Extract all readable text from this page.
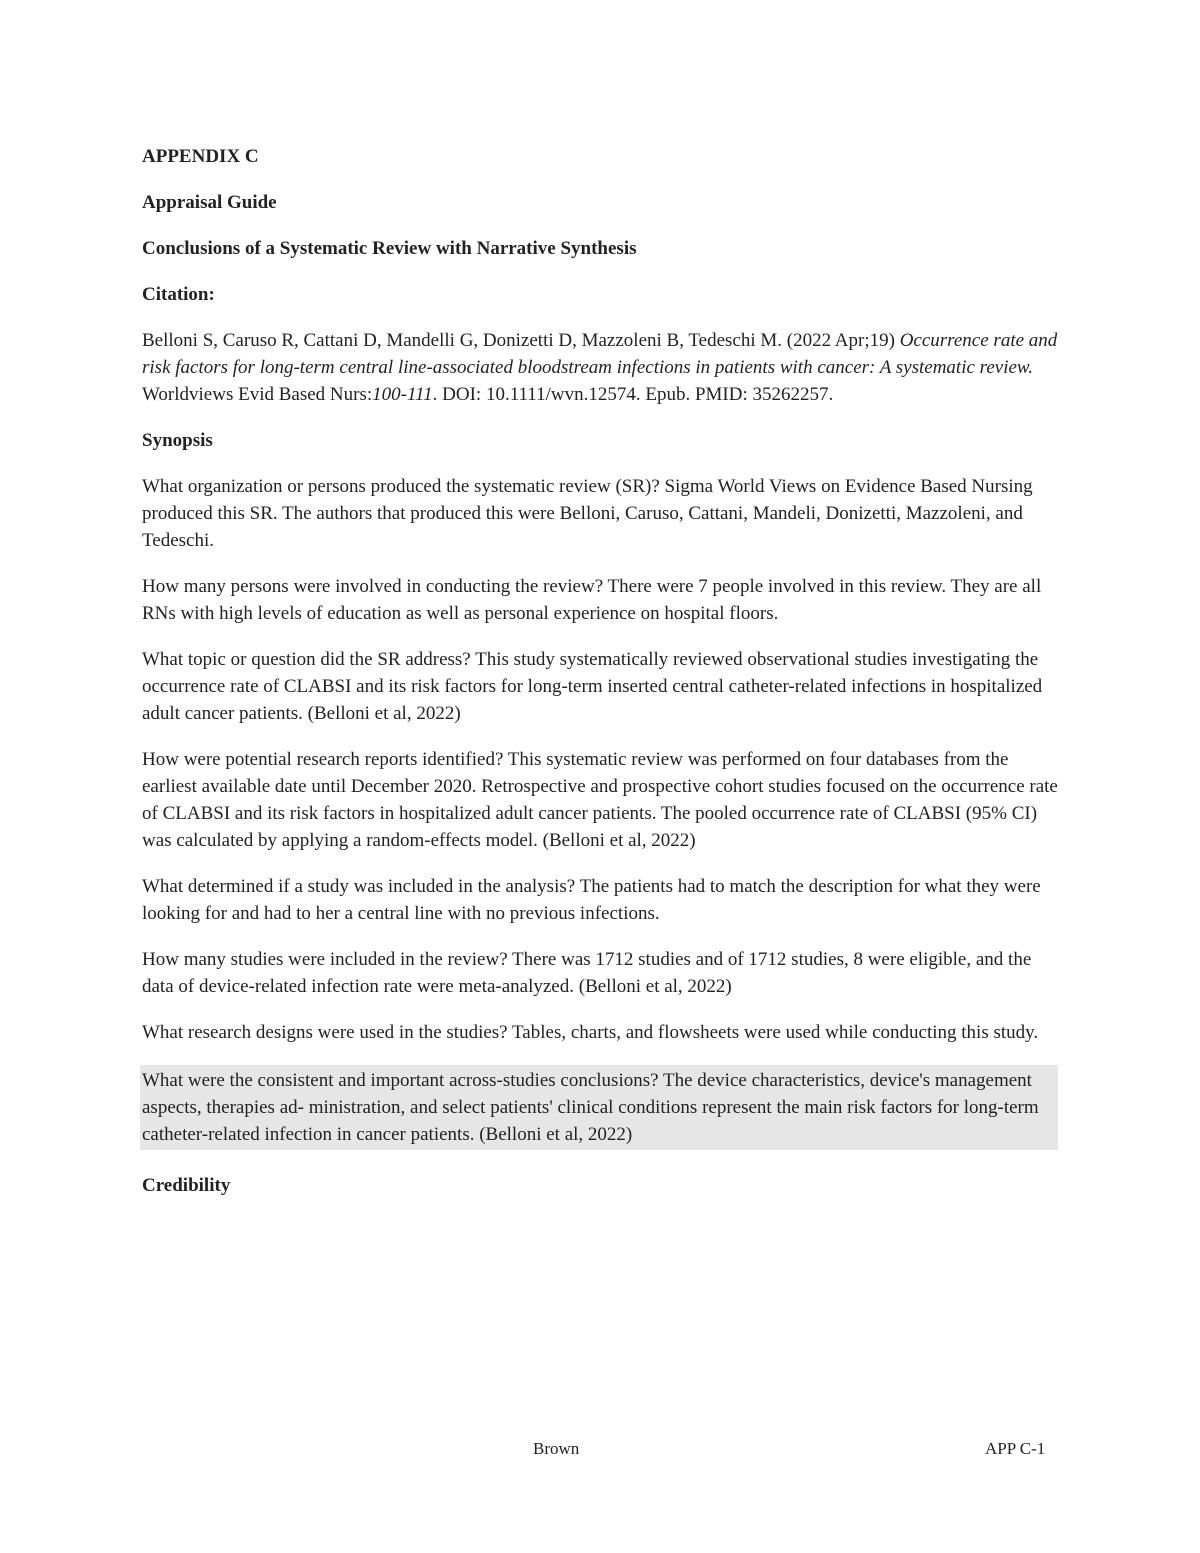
APPENDIX C
Appraisal Guide
Conclusions of a Systematic Review with Narrative Synthesis
Citation:
Belloni S, Caruso R, Cattani D, Mandelli G, Donizetti D, Mazzoleni B, Tedeschi M. (2022 Apr;19) Occurrence rate and risk factors for long-term central line-associated bloodstream infections in patients with cancer: A systematic review. Worldviews Evid Based Nurs:100-111. DOI: 10.1111/wvn.12574. Epub. PMID: 35262257.
Synopsis
What organization or persons produced the systematic review (SR)? Sigma World Views on Evidence Based Nursing produced this SR. The authors that produced this were Belloni, Caruso, Cattani, Mandeli, Donizetti, Mazzoleni, and Tedeschi.
How many persons were involved in conducting the review? There were 7 people involved in this review. They are all RNs with high levels of education as well as personal experience on hospital floors.
What topic or question did the SR address? This study systematically reviewed observational studies investigating the occurrence rate of CLABSI and its risk factors for long-term inserted central catheter-related infections in hospitalized adult cancer patients. (Belloni et al, 2022)
How were potential research reports identified? This systematic review was performed on four databases from the earliest available date until December 2020. Retrospective and prospective cohort studies focused on the occurrence rate of CLABSI and its risk factors in hospitalized adult cancer patients. The pooled occurrence rate of CLABSI (95% CI) was calculated by applying a random-effects model. (Belloni et al, 2022)
What determined if a study was included in the analysis? The patients had to match the description for what they were looking for and had to her a central line with no previous infections.
How many studies were included in the review? There was 1712 studies and of 1712 studies, 8 were eligible, and the data of device-related infection rate were meta-analyzed. (Belloni et al, 2022)
What research designs were used in the studies? Tables, charts, and flowsheets were used while conducting this study.
What were the consistent and important across-studies conclusions? The device characteristics, device's management aspects, therapies ad- ministration, and select patients' clinical conditions represent the main risk factors for long-term catheter-related infection in cancer patients. (Belloni et al, 2022)
Credibility
Brown	APP C-1
